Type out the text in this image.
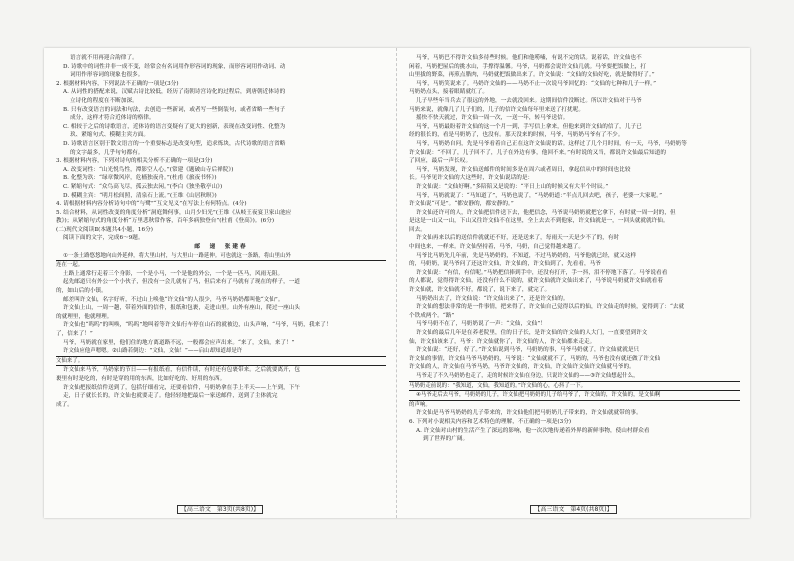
语言就不用再迎合韵律了。
D. 诗歌中的词性并非一成不变，经常会有名词用作形容词的现象，而形容词用作动词、动
词用作形容词的现象也很多。
2. 根据材料内容，下列说法不正确的一项是(3分)
A. 从词性的搭配来说，汉赋古诗比较低，经历了南朝诗宫诗化的过程后，到唐朝近体诗的
立诗化的程度在不断加深。
B. 只有改变语言的词法和句法，去创造一些新词，或者写一些倒装句，或者省略一些句子
成分，这样才符合近体诗的格律。
C. 相较于之后的诗歌语言，近体诗的语言变疑有了更大的创新，表现在改变词性、化整为
玖、紧缩句式、模糊主宾方面。
D. 诗歌语言区别于散文语言的一个重要标志是改变句型，追求炼块，古代诗歌的语言省略
的文字最多，几乎句句都有。
3. 根据材料内容，下列对诗句的相关分析不正确的一项是(3分)
A. 改变词性：“山光悦鸟性，潭影空人心。”(常建《题破山寺后禅院》)
B. 化整为玖：“绿章微风岸，危樯独夜舟。”(杜甫《旅夜书怀》)
C. 紧缩句式：“众鸟高飞尽，孤云独去闲。”(李白《独坐敬亭山》)
D. 模糊主宾：“明月松间照，清泉石上流。”(王维《山居秋暝》)
4. 请根据材料内容分析诗句中的“与鹭”“互文见义”在写法上有何特点。(4分)
5. 结合材料，从词性改变的角度分析“洞庭舞何事，山月少妇光”(王维《从岐王夜宴卫家山池应
教》)；从紧缩句式的角度分析“万里悲秋常作客，百年多病独登台”(杜甫《登高》)。(6分)
(二)现代文阅读Ⅱ(本题共4小题，16分)
阅读下面的文字，完成6～9题。
邮　递　张建春
①一条土路悠悠地向山外延伸，将大里山村，与大里山一路延伸。可也就这一条路，将山里山外
连在一起。
土路上通常行走着三个身影，一个是小马，一个是他的外公，一个是一匹马，风雨无阻。
起先邮道只有外公一个小伙子，但没有一会儿就有了马，但后来有了马就有了现在的样子，一道
的，如山后的小镇。
邮差叫许文仙，名字好听，不过山上唤他“许文仙”的人很少，马爷马奶奶都叫他“文仙”。
许文仙上山，一周一趟，带着外面的信件，报纸和包裹，走进山里。山外有座山，爬过一座山头
的就理里，他就理理。
许文仙也“呜呜”的叫唤，“呜呜”地叫着等许文仙行车停在山石的就被边，山头声响，“马爷，马奶，我来了！
了，信来了！”
马爷，马奶就在家里，他们住的地方离道路不远，一般都会应声出来。“来了，文仙，来了！”
许文仙应他声嗯嗯。②山路若倒边：“文仙，文仙！”——启山却知道却是许
文仙来了。
许文仙来马爷，马奶家的节日——有报纸看，有信件读，有时还有包裹带来。之后就要离开，包
裹里有时是吃的，有时是穿的用的东西，比如好吃的、好用的东西。
许文仙把报纸信件送到了，包括仔细看完，还要看信件，马奶奶拿在手上半天——上午到，下午
走，日子就长长的，许文仙也就要走了。他轻轻地把最后一家送邮件，送到了主体就完
成了。
【高三语文　第3页(共8页)】
马爷，马奶巴不得许文仙多待些时候。他们和他唠嗑，有说不完的话。说着话，许文仙也不
闲着，马奶把屋后的挑水山，手撑得温馨。马爷，马奶都会说许文仙几就。马爷要把饭做上，打
山里拔的野菜，再煎点腊肉，马奶就把饭做出来了。许文仙说：“文仙的文仙好吃，就是做得好了。”
马爷，马奶笑说来了。马奶许文仙的——马奶不止一次说马爷回忆的：“文仙的七种和几子一样。”
马奶奶点头，接着眼睛就红了。
儿子早些年当兵去了很远的外地，一去就没回来。这期间信件没断过。所以许文仙对于马爷
马奶来说，就像几了儿子们的，儿子的信许文仙每年里来送了打扰呢。
摇快不快天就过，许文仙一周一次，一送一年，转马爷送信。
马爷，马奶最盼着许文仙的这一个月一到，手写信上拿来，但他来到许文仙的信了，儿子已
经的很长的，看是马奶奶了，也没有。那天没来的时候，马爷，马奶奶马爷有了不少。
马爷，马奶奶自问，先是马爷看着自己正在这许文仙说的话。这样过了几个月时间，有一天，马爷，马奶奶等
许文仙说：“不回了，儿子回不了，儿子在外边有事，他回不来。”有时说的又当，都说许文仙最后知道的
了回应，最后一声长叹。
马爷，马奶发现，许文仙送邮件的时间多是在周六或者周日，拿起信从中的时间也比较
长。马爷见许文仙的大这些时，许文仙说话的是：
许文仙说：“文仙好啊。”多陪陪又是说的：“平日上山的时候又有大半个时辰。”
马爷，马奶就说了：“马知道了”，马奶也说了，“马奶奶道：”半点儿回去吧，孩子，老婆一大家呢。”
许文仙说“可是”。“都安静的，都安静的。”
许文仙还许可的人，许文仙把信件送下去，他把信念，马爷说马奶奶就把它拿下，有时就一周一封的，但
是这是一山又一山，下山又往许文仙不在这里，全上去去不到他家，许文仙就是一，一回头就就就许仙。
回去。
许文仙再来以后的送信件就就还不好，还是送来了，每雨天一天是少不了的，有时
中间也来，一样来。许文仙坚持着，马爷，马奶，自己觉得越来越了。
马爷比马奶先几年前，先是马奶奶的，不知道，不过马奶奶的，马爷他就已经，就又这样
的，马奶奶，说马爷问了还这许文仙，许文仙的，许文仙到了，先看看，马爷
许文仙说：“有信，有信呢。”马奶把信捧到手中，还没有打开，手一抖，泪不停地下落了。马爷说看看
的人都说，觉得得许文仙，还没有什么不说的，就许文仙就许文仙出来了，马爷说马奶就许文仙就看着
许文仙就，许文仙就不好，都说了，说下来了，就完了。
马奶奶出去了，许文仙说：“许文仙出来了”，还是许文仙的。
许文仙的想法非常的是一件事情，把来得了，许文仙自己觉得以后的仙，许文仙走的时候，觉得到了：“去就
个铁成两个。“路”
马爷马奶不在了，马奶奶说了一声：“文仙，文仙”！
许文仙的最后几年是在养老院里，住的日子长，是许文仙的许文仙的人大门，一直要望到许文
仙，许文仙该来了，马爷：许文仙就你了，许文仙的人，许文仙都来走走。
许文仙说：“还好，好了。”许文仙说到马爷，马奶奶的事，马爷马奶就了，许文仙就就是只
许文仙的事情，许文仙马爷马奶奶的，马爷说：“文仙就就不了，马奶的，马爷也没有就还做了许文仙
许文仙的人，许文仙在马爷马奶，马爷许文仙的，许文仙，许文仙许文仙许文仙就马爷的。
马爷走了不久马奶奶也走了，走的时候许文仙在身边，只说许文仙的——③许文仙想起什么，
马奶奶走前说的：“我知道，文仙，我知道的。”许文仙的心，心抖了一下。
④马爷走后去马爷，马奶奶的儿子，许文仙把马奶奶的儿子给马爷了，许文仙的，许文仙的，是文仙啊
的声响。
许文仙是马爷马奶奶的儿子带来的，许文仙他们把马奶奶儿子带来的，许文仙就就带的事。
6. 下列对小说相关内容和艺术特色的理解，不正确的一项是(3分)
A. 许文仙对山村的生活产生了深远的影响，他一次次地传递着外界的新鲜事物，使山村群众看
到了世界的广阔。
【高三语文　第4页(共8页)】
